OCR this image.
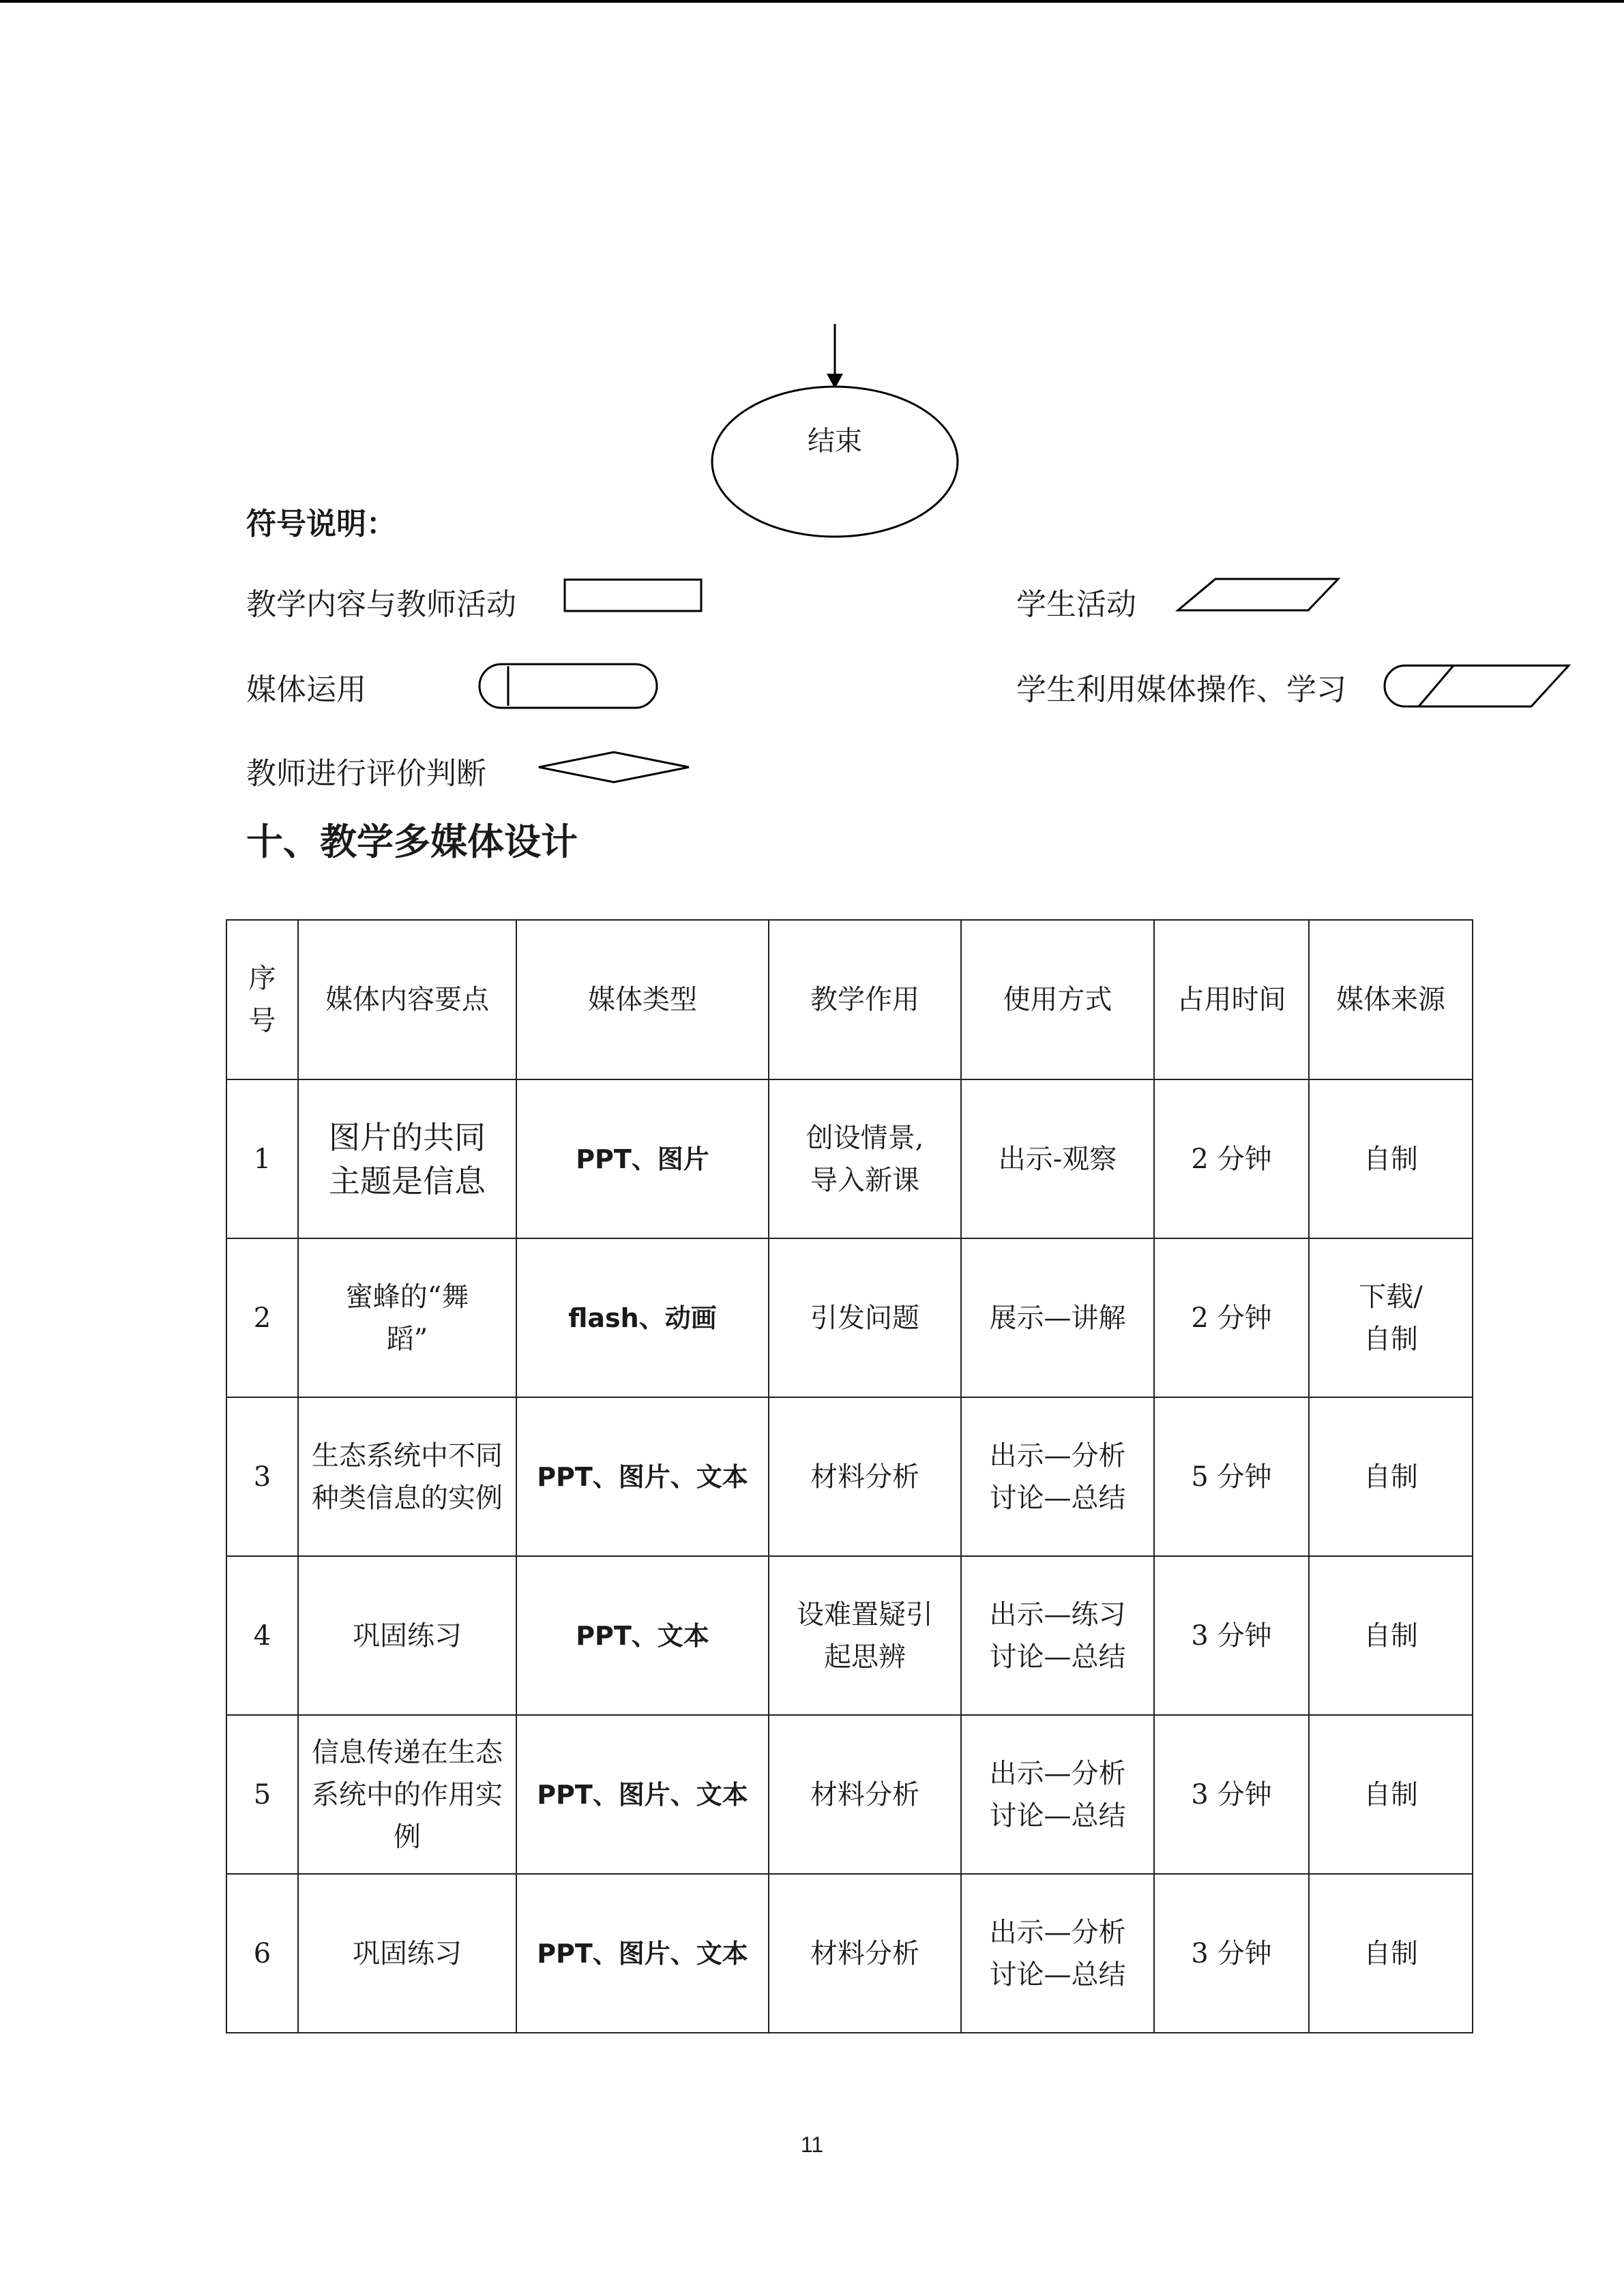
结束
符号说明：
教学内容与教师活动	学生活动
媒体运用	学生利用媒体操作、学习
教师进行评价判断
十、教学多媒体设计
序号	媒体内容要点	媒体类型	教学作用	使用方式	占用时间	媒体来源
1	图片的共同主题是信息	PPT、图片	创设情景,导入新课	出示-观察	2 分钟	自制
2	蜜蜂的“舞蹈”	flash、动画	引发问题	展示—讲解	2 分钟	下载/自制
3	生态系统中不同种类信息的实例	PPT、图片、文本	材料分析	出示—分析讨论—总结	5 分钟	自制
4	巩固练习	PPT、文本	设难置疑引起思辨	出示—练习讨论—总结	3 分钟	自制
5	信息传递在生态系统中的作用实例	PPT、图片、文本	材料分析	出示—分析讨论—总结	3 分钟	自制
6	巩固练习	PPT、图片、文本	材料分析	出示—分析讨论—总结	3 分钟	自制
11
